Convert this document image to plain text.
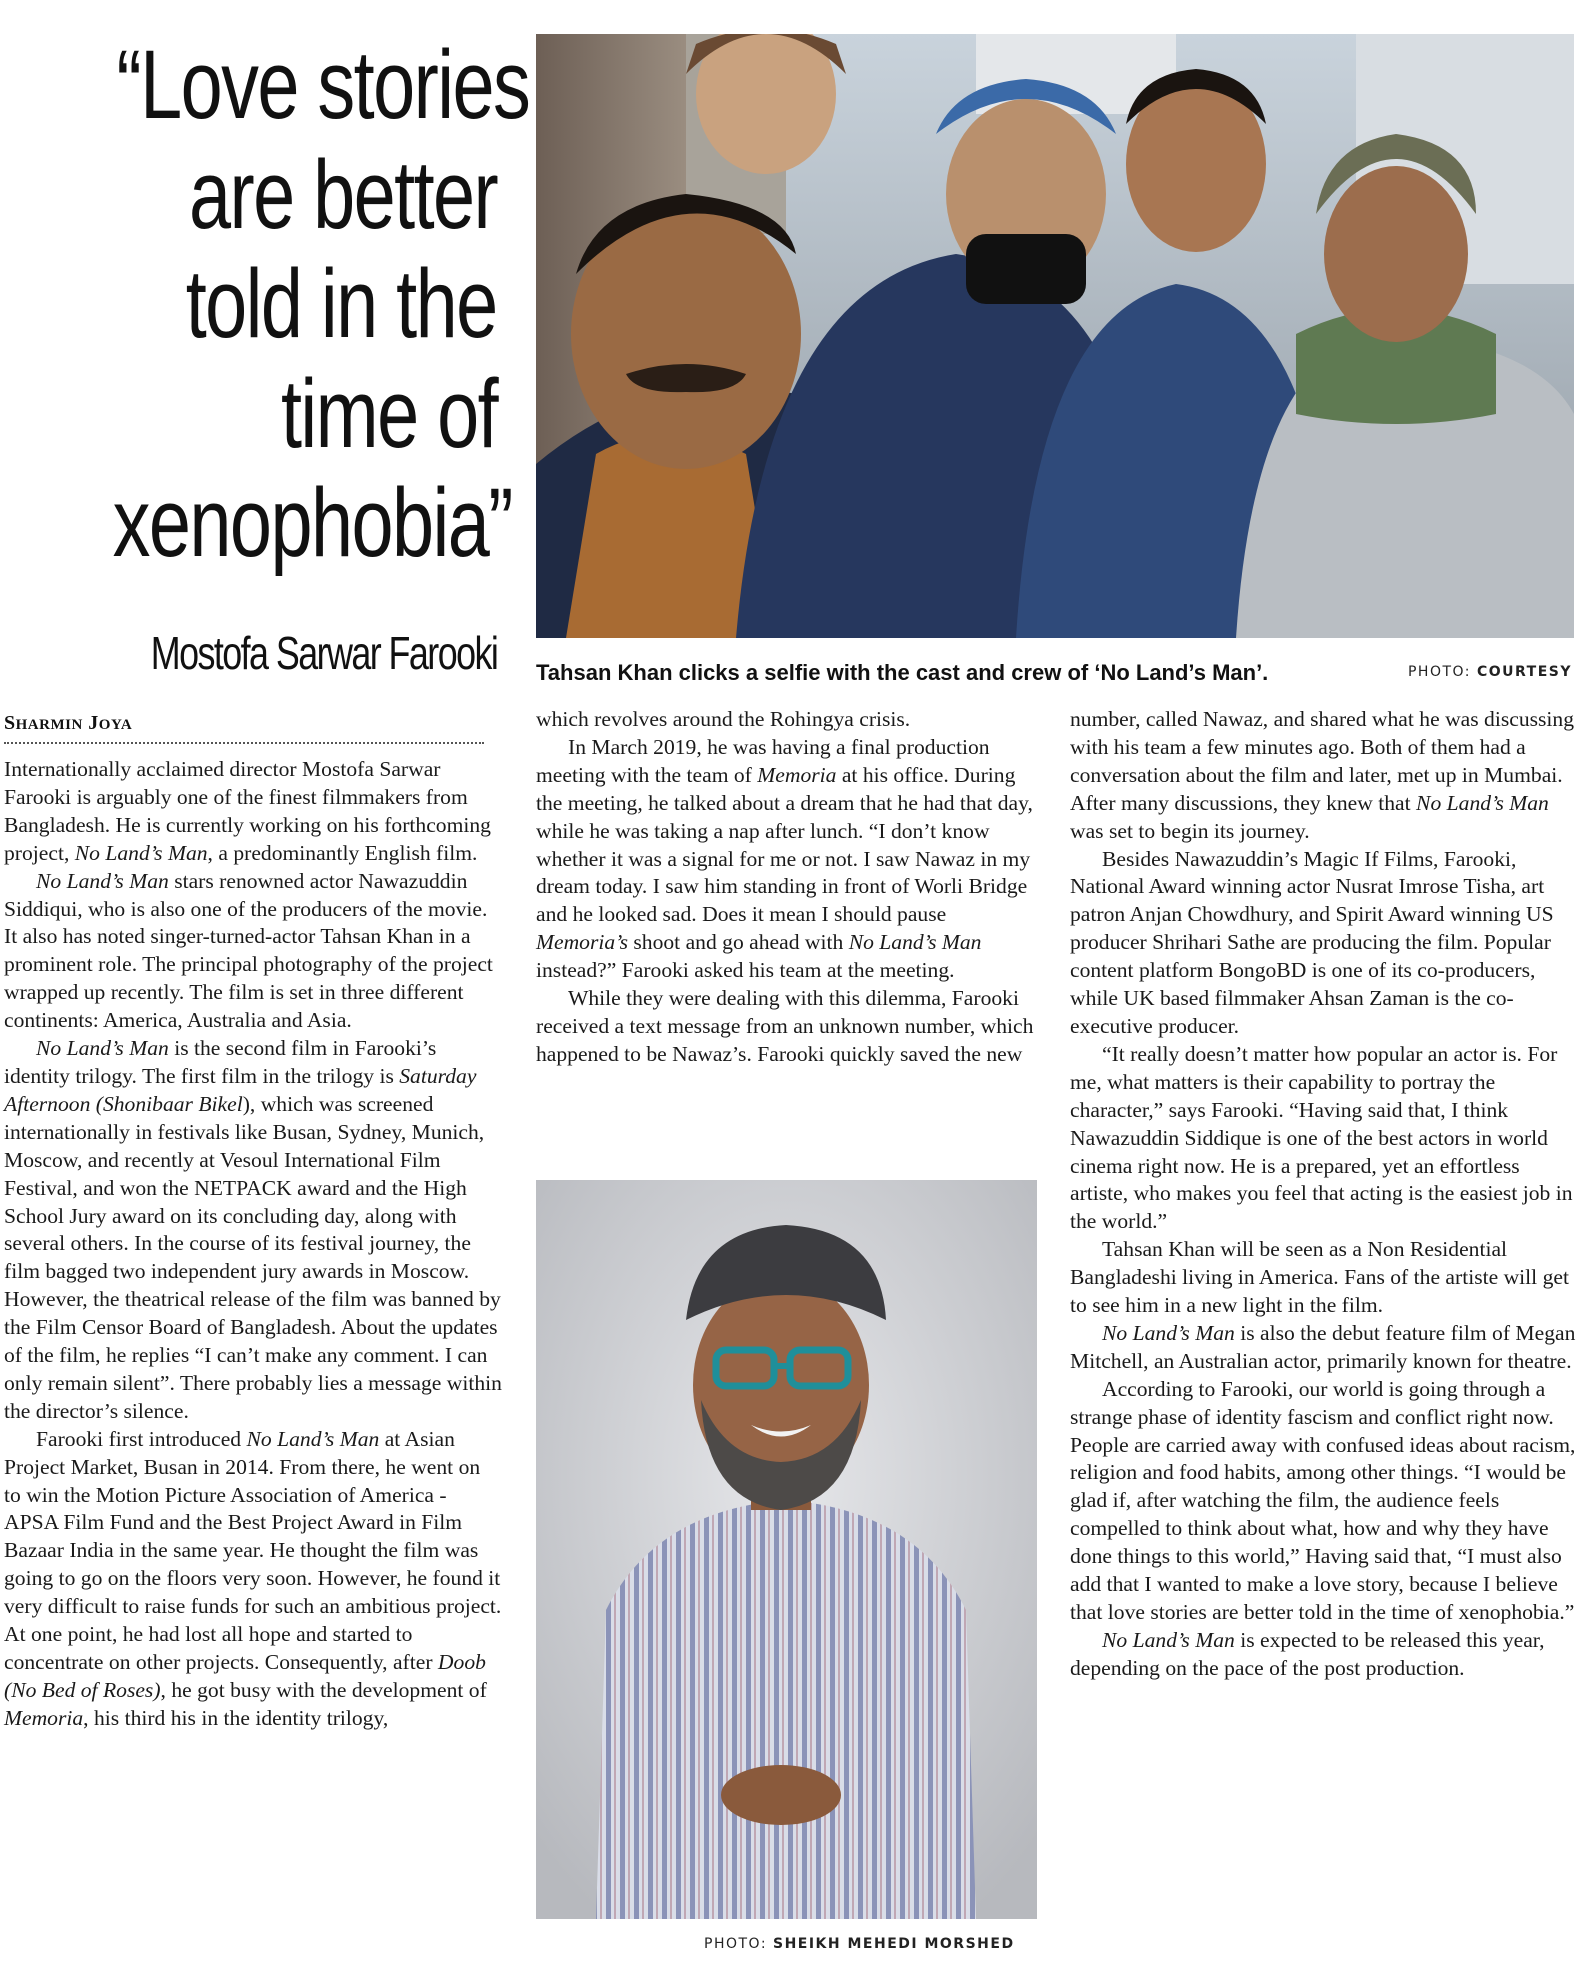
“Love stories
are better
told in the
time of
xenophobia”
Mostofa Sarwar Farooki Tahsan Khan clicks a selfie with the cast and crew of ‘No Land’s Man’.	PHOTO: COURTESY
SHARMIN JOYA

Internationally acclaimed director Mostofa Sarwar Farooki is arguably one of the finest filmmakers from Bangladesh. He is currently working on his forthcoming project, No Land’s Man, a predominantly English film.

No Land’s Man stars renowned actor Nawazuddin Siddiqui, who is also one of the producers of the movie. It also has noted singer-turned-actor Tahsan Khan in a prominent role. The principal photography of the project wrapped up recently. The film is set in three different continents: America, Australia and Asia.

No Land’s Man is the second film in Farooki’s identity trilogy. The first film in the trilogy is Saturday Afternoon (Shonibaar Bikel), which was screened internationally in festivals like Busan, Sydney, Munich, Moscow, and recently at Vesoul International Film Festival, and won the NETPACK award and the High School Jury award on its concluding day, along with several others. In the course of its festival journey, the film bagged two independent jury awards in Moscow. However, the theatrical release of the film was banned by the Film Censor Board of Bangladesh. About the updates of the film, he replies “I can’t make any comment. I can only remain silent”. There probably lies a message within the director’s silence.

Farooki first introduced No Land’s Man at Asian Project Market, Busan in 2014. From there, he went on to win the Motion Picture Association of America - APSA Film Fund and the Best Project Award in Film Bazaar India in the same year. He thought the film was going to go on the floors very soon. However, he found it very difficult to raise funds for such an ambitious project. At one point, he had lost all hope and started to concentrate on other projects. Consequently, after Doob (No Bed of Roses), he got busy with the development of Memoria, his third his in the identity trilogy,

which revolves around the Rohingya crisis.

In March 2019, he was having a final production meeting with the team of Memoria at his office. During the meeting, he talked about a dream that he had that day, while he was taking a nap after lunch. “I don’t know whether it was a signal for me or not. I saw Nawaz in my dream today. I saw him standing in front of Worli Bridge and he looked sad. Does it mean I should pause Memoria’s shoot and go ahead with No Land’s Man instead?” Farooki asked his team at the meeting.

While they were dealing with this dilemma, Farooki received a text message from an unknown number, which happened to be Nawaz’s. Farooki quickly saved the new

PHOTO: SHEIKH MEHEDI MORSHED

number, called Nawaz, and shared what he was discussing with his team a few minutes ago. Both of them had a conversation about the film and later, met up in Mumbai. After many discussions, they knew that No Land’s Man was set to begin its journey.

Besides Nawazuddin’s Magic If Films, Farooki, National Award winning actor Nusrat Imrose Tisha, art patron Anjan Chowdhury, and Spirit Award winning US producer Shrihari Sathe are producing the film. Popular content platform BongoBD is one of its co-producers, while UK based filmmaker Ahsan Zaman is the co-executive producer.

“It really doesn’t matter how popular an actor is. For me, what matters is their capability to portray the character,” says Farooki. “Having said that, I think Nawazuddin Siddique is one of the best actors in world cinema right now. He is a prepared, yet an effortless artiste, who makes you feel that acting is the easiest job in the world.”

Tahsan Khan will be seen as a Non Residential Bangladeshi living in America. Fans of the artiste will get to see him in a new light in the film.

No Land’s Man is also the debut feature film of Megan Mitchell, an Australian actor, primarily known for theatre.

According to Farooki, our world is going through a strange phase of identity fascism and conflict right now. People are carried away with confused ideas about racism, religion and food habits, among other things. “I would be glad if, after watching the film, the audience feels compelled to think about what, how and why they have done things to this world,” Having said that, “I must also add that I wanted to make a love story, because I believe that love stories are better told in the time of xenophobia.”

No Land’s Man is expected to be released this year, depending on the pace of the post production.
